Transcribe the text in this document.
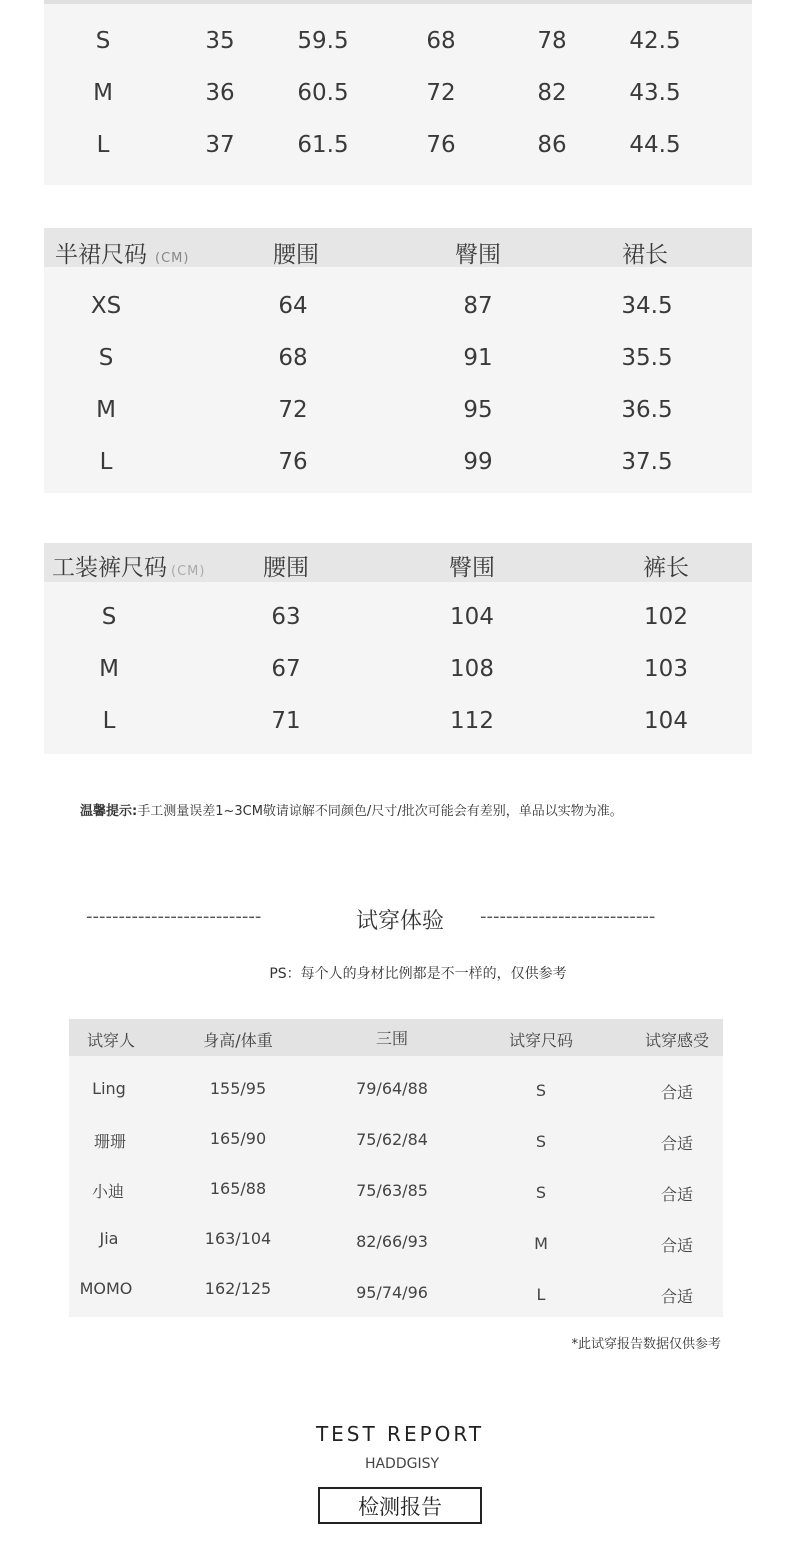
S	35	59.5	68	78	42.5
M	36	60.5	72	82	43.5
L	37	61.5	76	86	44.5
半裙尺码 (CM)	腰围	臀围	裙长
XS	64	87	34.5
S	68	91	35.5
M	72	95	36.5
L	76	99	37.5
工装裤尺码 (CM)	腰围	臀围	裤长
S	63	104	102
M	67	108	103
L	71	112	104
温馨提示:手工测量误差1~3CM敬请谅解不同颜色/尺寸/批次可能会有差别，单品以实物为准。
---------------------------	试穿体验 ---------------------------
PS：每个人的身材比例都是不一样的，仅供参考
试穿人	身高/体重	三围	试穿尺码	试穿感受
Ling	155/95	79/64/88	S	合适
珊珊	165/90	75/62/84	S	合适
小迪	165/88	75/63/85	S	合适
Jia	163/104	82/66/93	M	合适
MOMO	162/125	95/74/96	L	合适
*此试穿报告数据仅供参考
TEST REPORT
HADDGISY
检测报告
